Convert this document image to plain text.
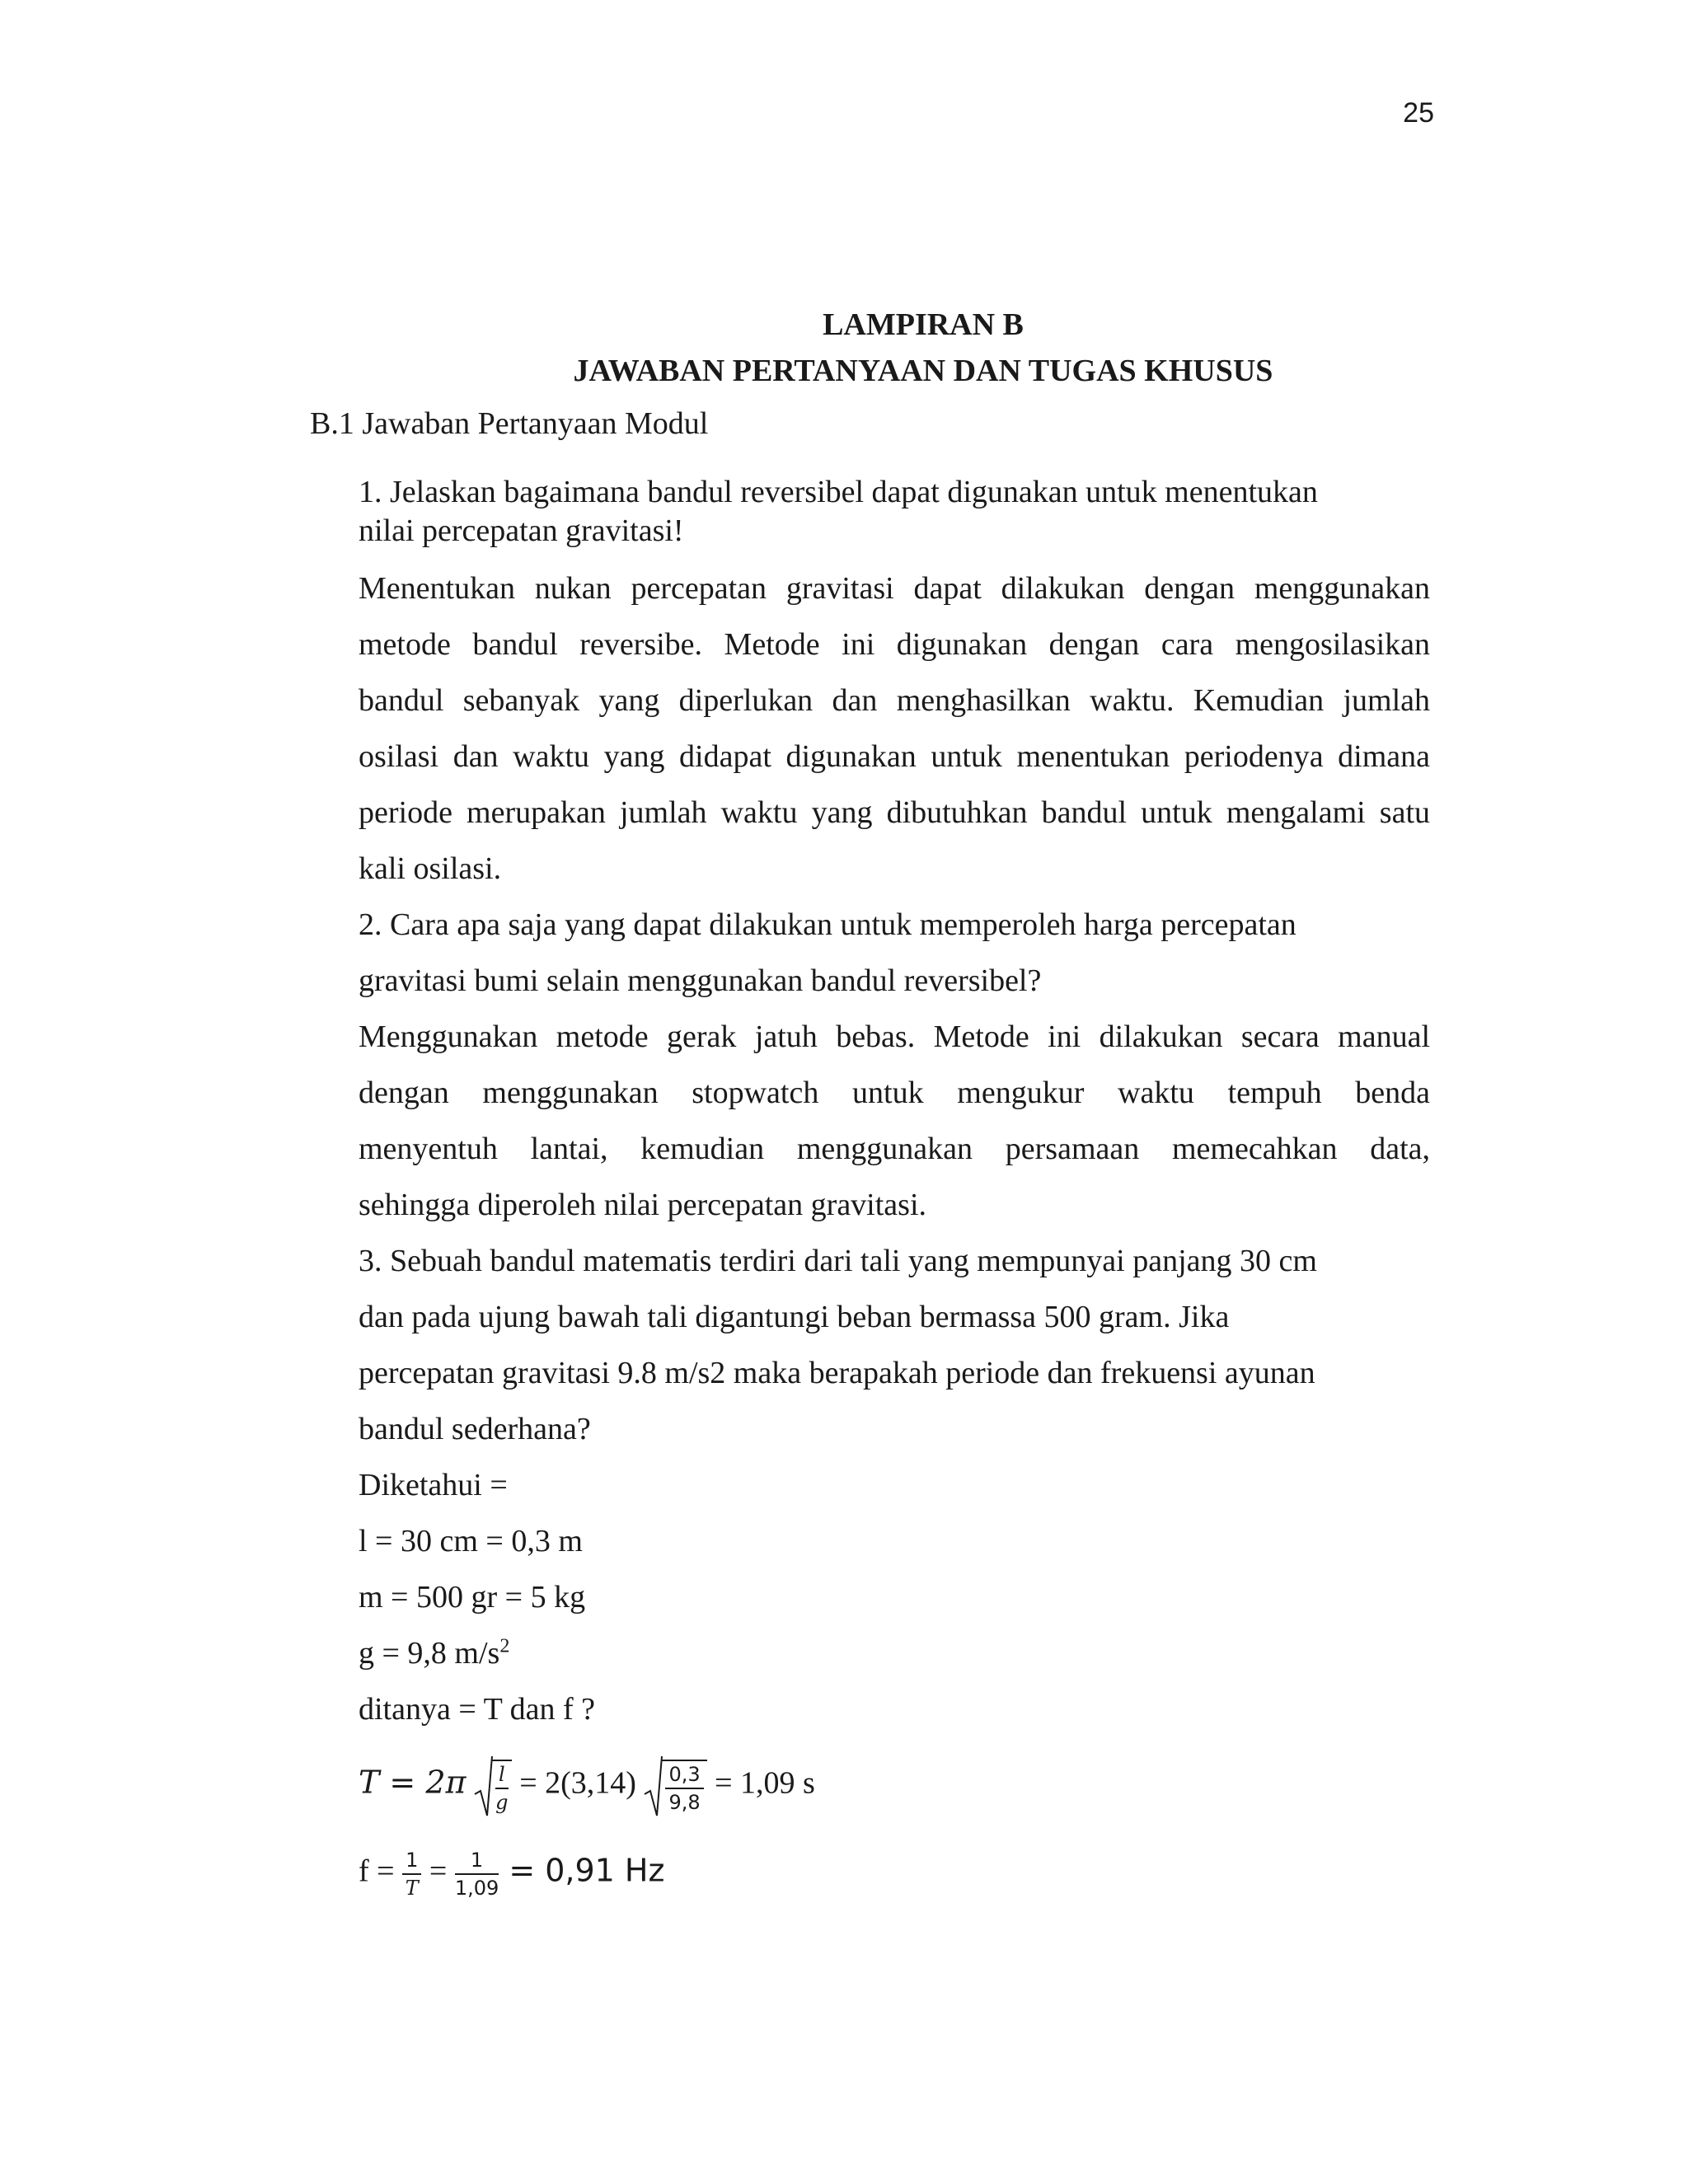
25
LAMPIRAN B
JAWABAN PERTANYAAN DAN TUGAS KHUSUS
B.1 Jawaban Pertanyaan Modul
1. Jelaskan bagaimana bandul reversibel dapat digunakan untuk menentukan
nilai percepatan gravitasi!
Menentukan nukan percepatan gravitasi dapat dilakukan dengan menggunakan
metode bandul reversibe. Metode ini digunakan dengan cara mengosilasikan
bandul sebanyak yang diperlukan dan menghasilkan waktu. Kemudian jumlah
osilasi dan waktu yang didapat digunakan untuk menentukan periodenya dimana
periode merupakan jumlah waktu yang dibutuhkan bandul untuk mengalami satu
kali osilasi.
2. Cara apa saja yang dapat dilakukan untuk memperoleh harga percepatan
gravitasi bumi selain menggunakan bandul reversibel?
Menggunakan metode gerak jatuh bebas. Metode ini dilakukan secara manual
dengan menggunakan stopwatch untuk mengukur waktu tempuh benda
menyentuh lantai, kemudian menggunakan persamaan memecahkan data,
sehingga diperoleh nilai percepatan gravitasi.
3. Sebuah bandul matematis terdiri dari tali yang mempunyai panjang 30 cm
dan pada ujung bawah tali digantungi beban bermassa 500 gram. Jika
percepatan gravitasi 9.8 m/s2 maka berapakah periode dan frekuensi ayunan
bandul sederhana?
Diketahui =
l = 30 cm = 0,3 m
m = 500 gr = 5 kg
g = 9,8 $m/s^2$
ditanya = T dan f ?
$T = 2\pi \frac{l}{g} = 2(3,14) \frac{0,3}{9,8} = 1,09$ s
$f = \frac{1}{T} = \frac{1}{1,09} = 0,91$ Hz
